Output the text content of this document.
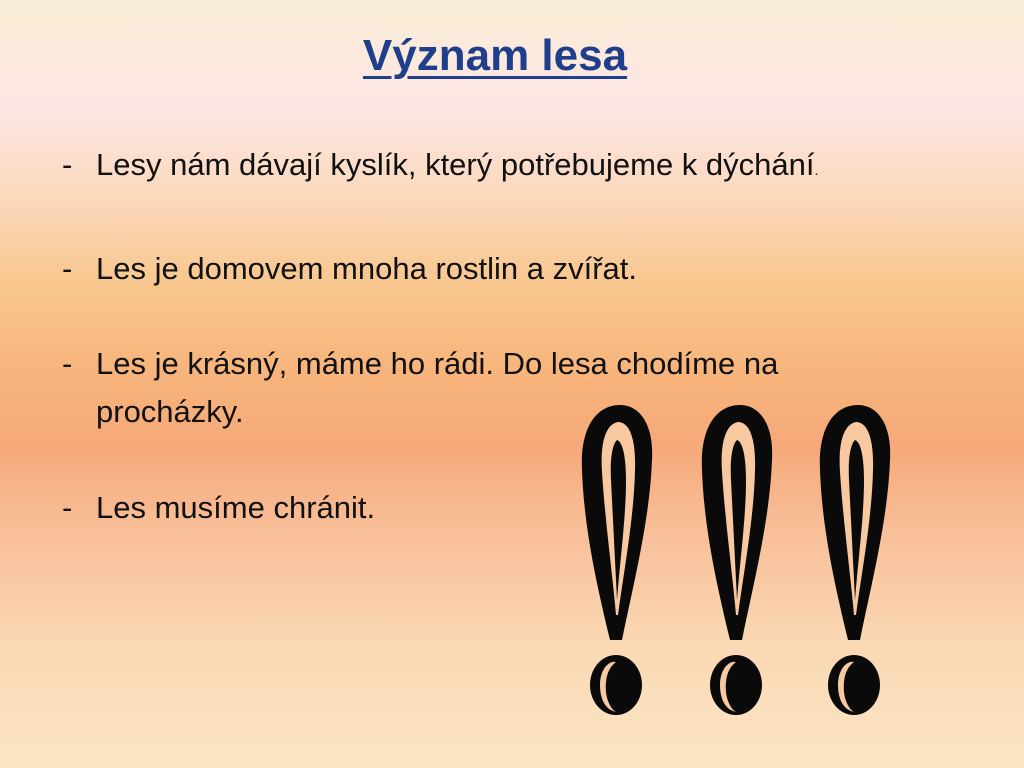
Význam lesa
- Lesy nám dávají kyslík, který potřebujeme k dýchání.
- Les je domovem mnoha rostlin a zvířat.
- Les je krásný, máme ho rádi. Do lesa chodíme na procházky.
- Les musíme chránit.
